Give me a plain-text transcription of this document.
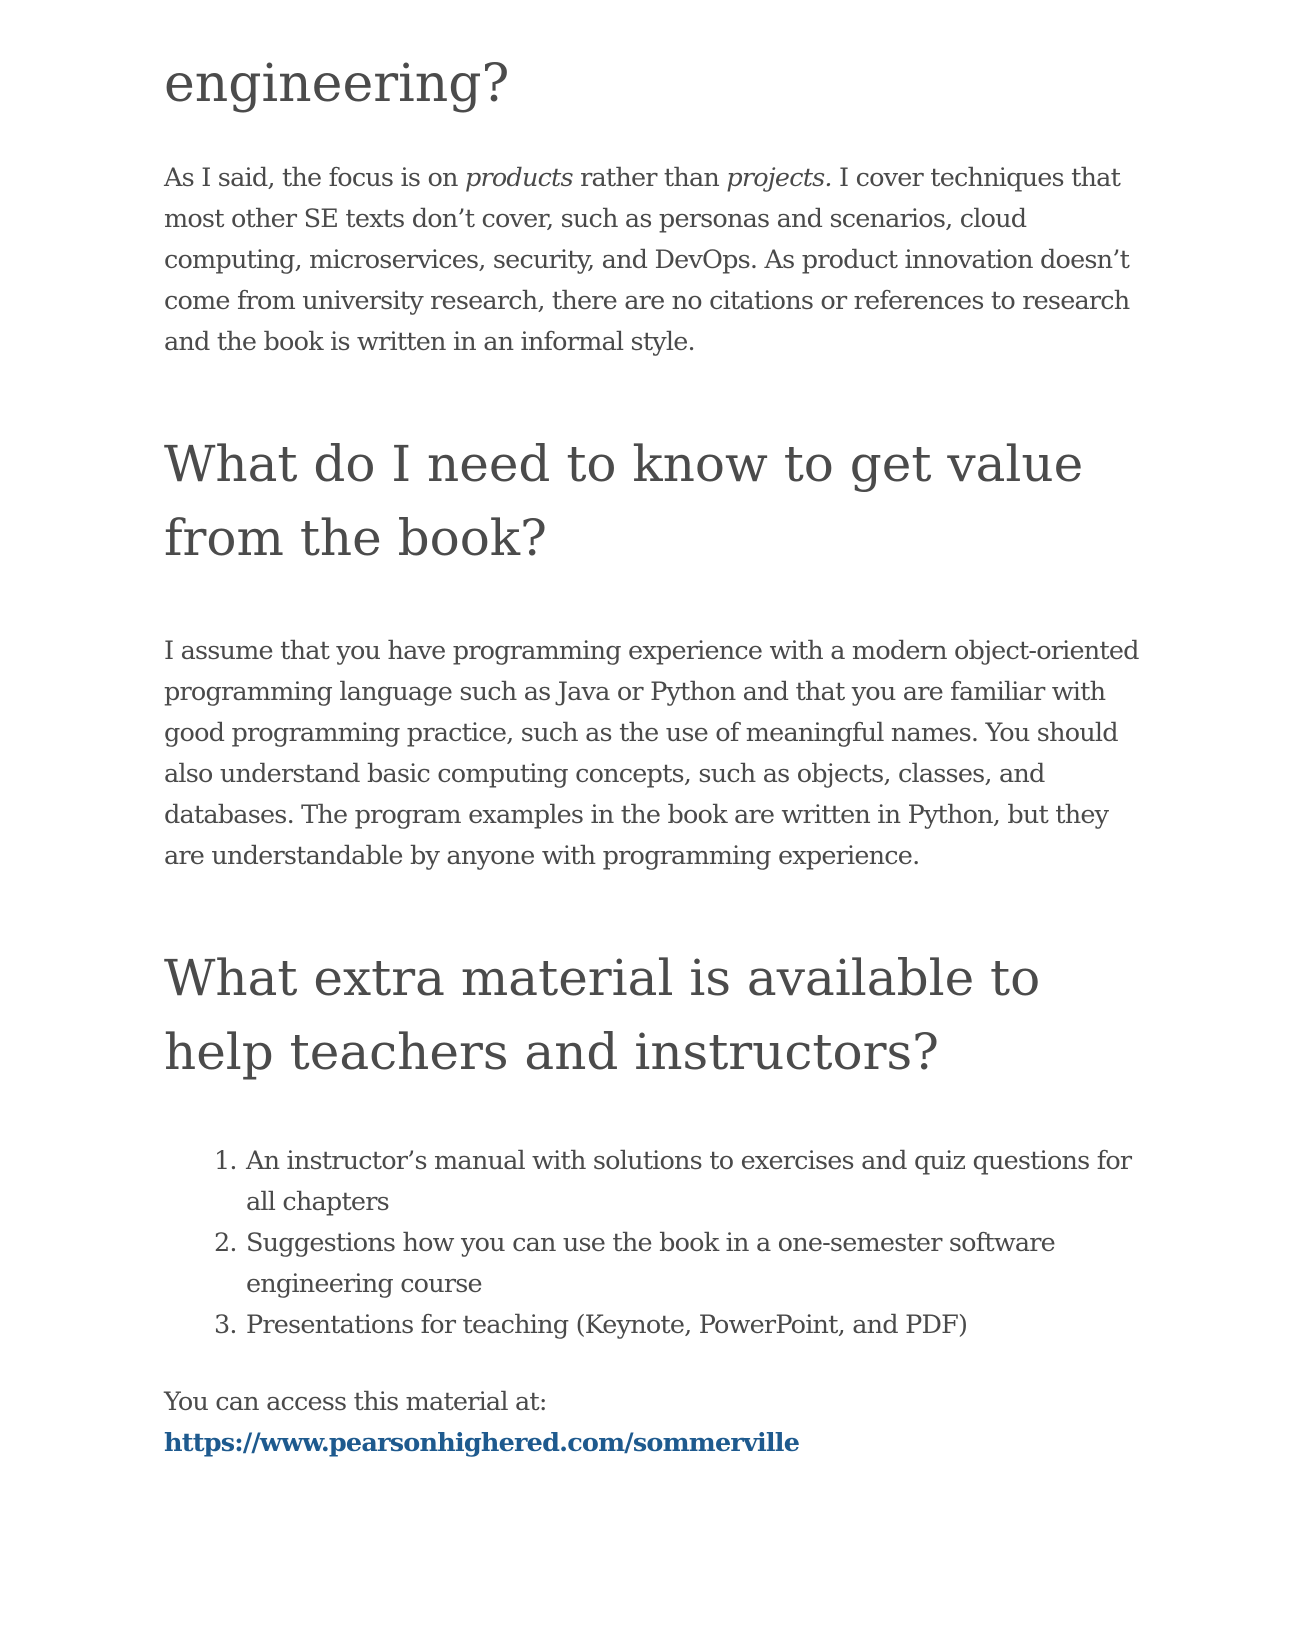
engineering?

As I said, the focus is on products rather than projects. I cover techniques that most other SE texts don’t cover, such as personas and scenarios, cloud computing, microservices, security, and DevOps. As product innovation doesn’t come from university research, there are no citations or references to research and the book is written in an informal style.

What do I need to know to get value from the book?

I assume that you have programming experience with a modern object-oriented programming language such as Java or Python and that you are familiar with good programming practice, such as the use of meaningful names. You should also understand basic computing concepts, such as objects, classes, and databases. The program examples in the book are written in Python, but they are understandable by anyone with programming experience.

What extra material is available to help teachers and instructors?
1. An instructor’s manual with solutions to exercises and quiz questions for all chapters
2. Suggestions how you can use the book in a one-semester software engineering course
3. Presentations for teaching (Keynote, PowerPoint, and PDF)

You can access this material at: https://www.pearsonhighered.com/sommerville
